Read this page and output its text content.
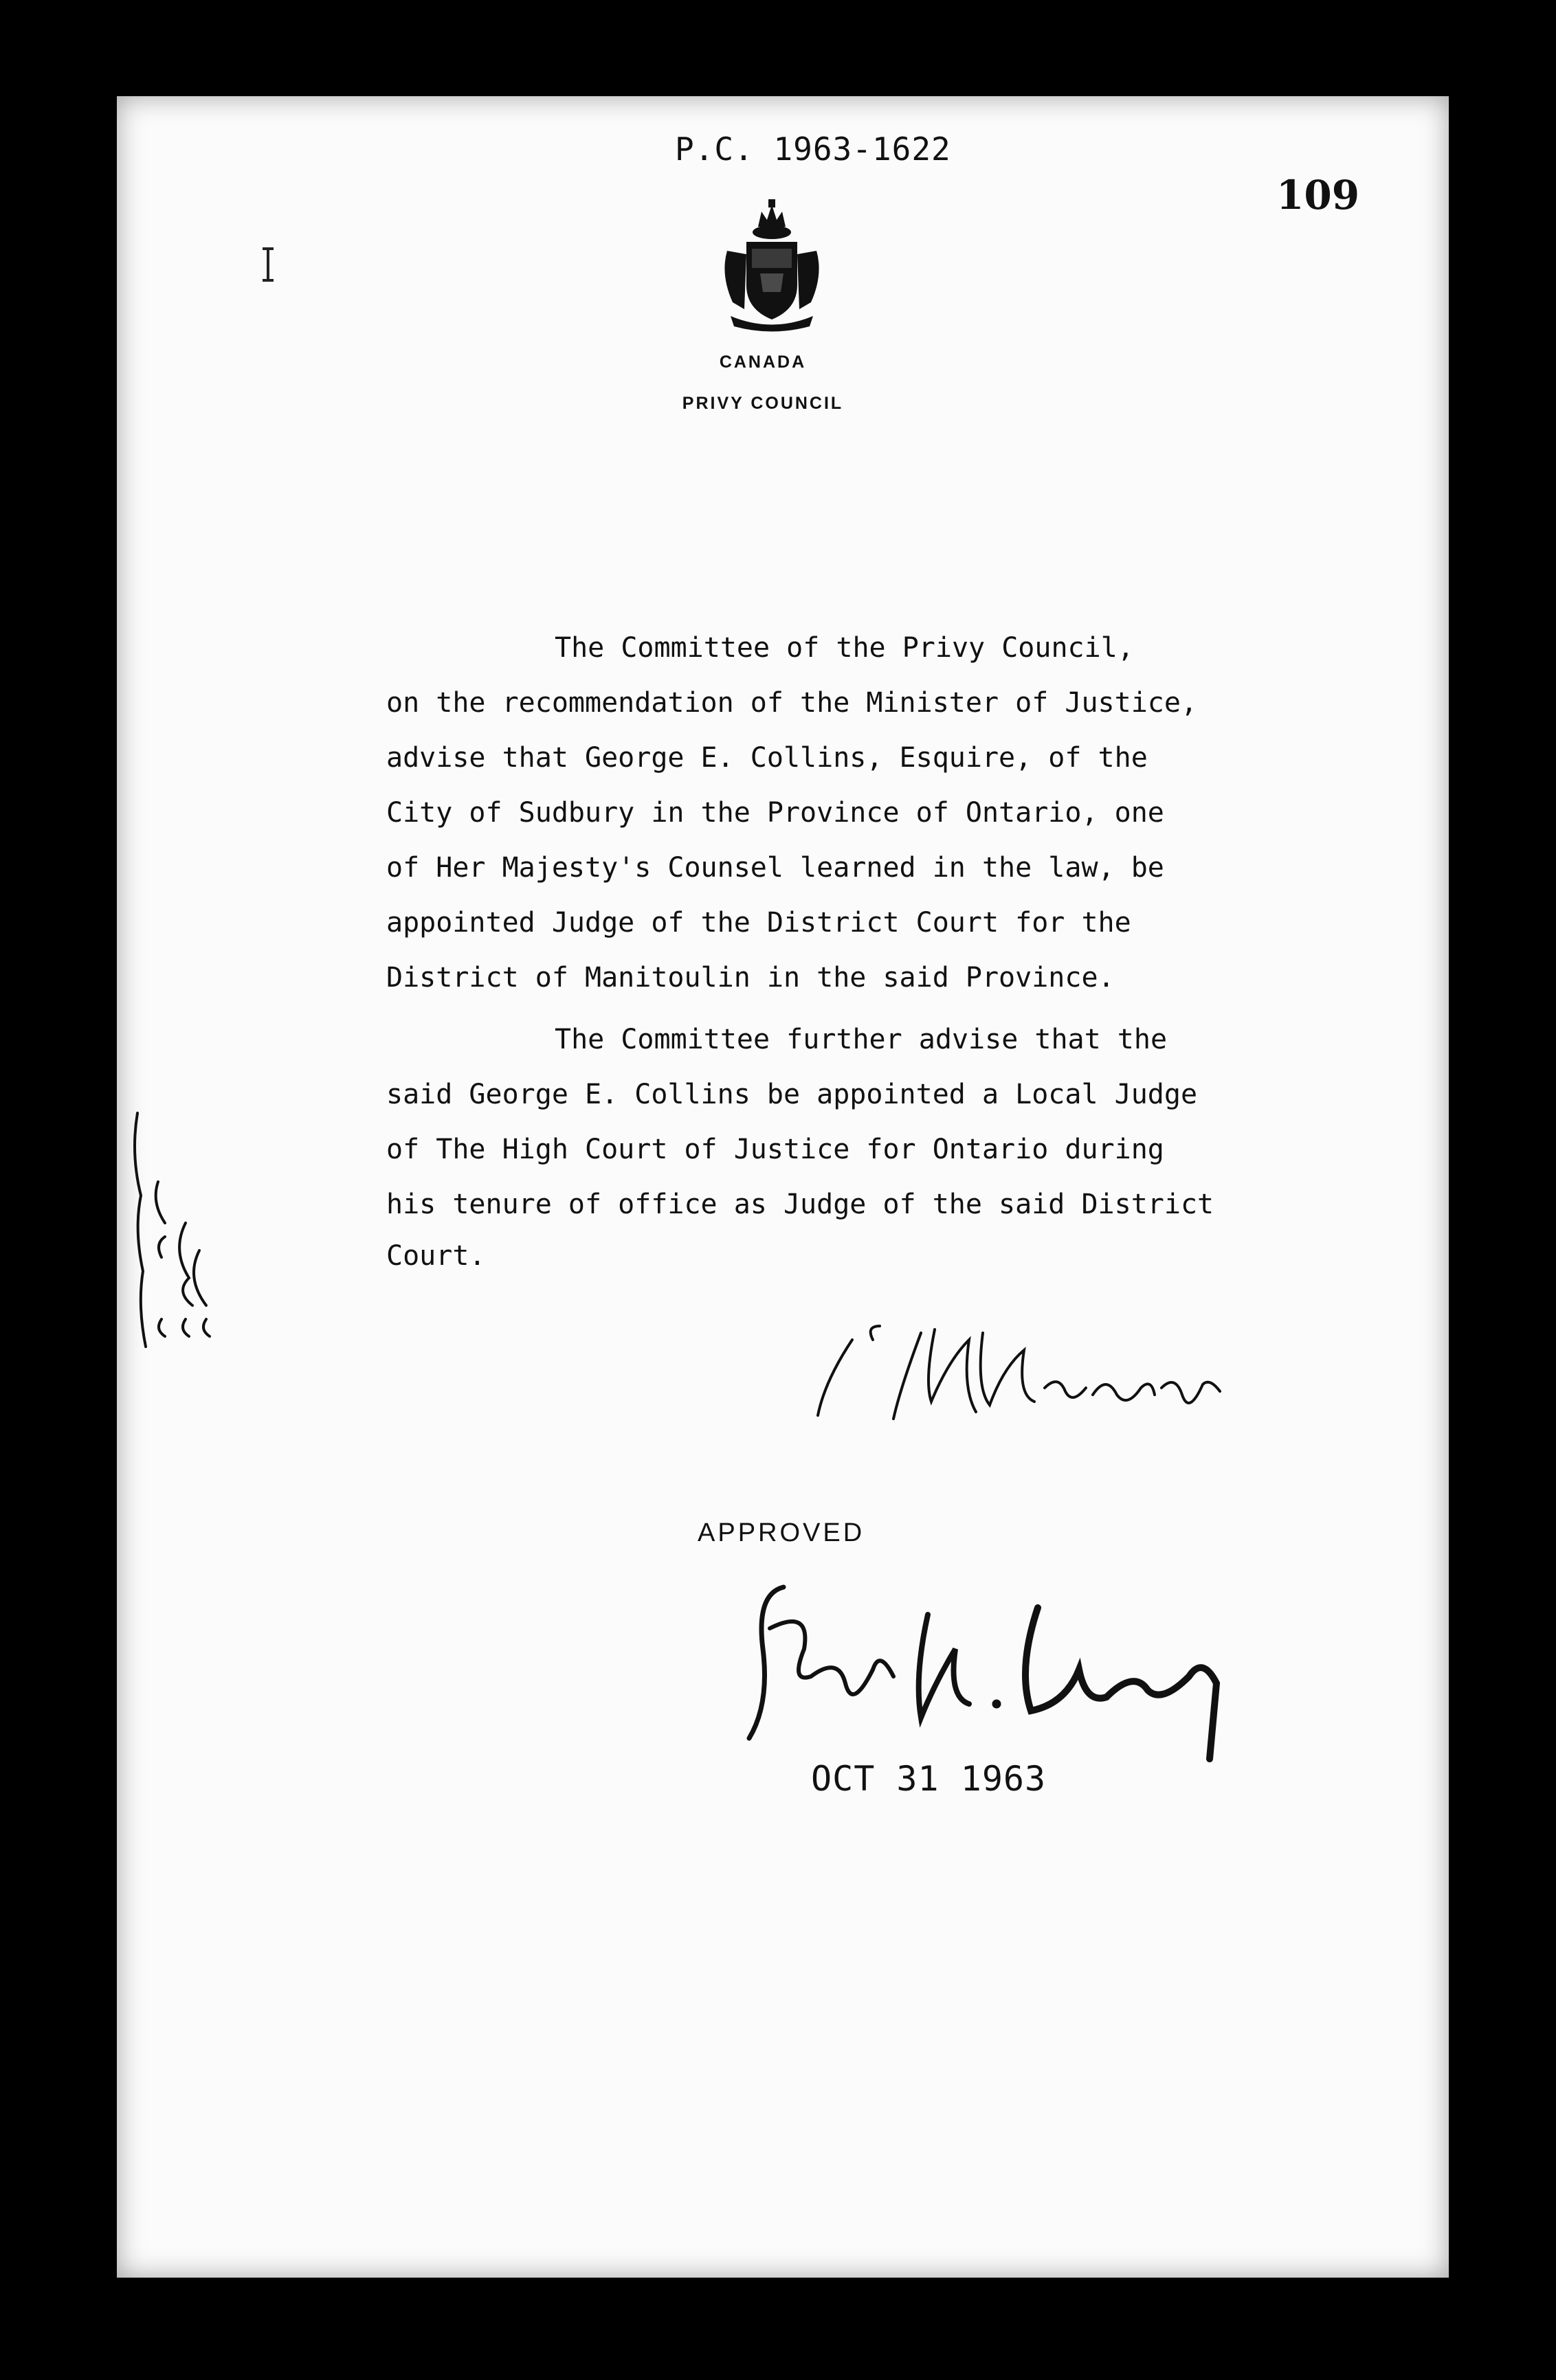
P.C. 1963-1622
109
CANADA
PRIVY COUNCIL
The Committee of the Privy Council,
on the recommendation of the Minister of Justice,
advise that George E. Collins, Esquire, of the
City of Sudbury in the Province of Ontario, one
of Her Majesty's Counsel learned in the law, be
appointed Judge of the District Court for the
District of Manitoulin in the said Province.
The Committee further advise that the
said George E. Collins be appointed a Local Judge
of The High Court of Justice for Ontario during
his tenure of office as Judge of the said District
Court.
APPROVED
OCT 31 1963
